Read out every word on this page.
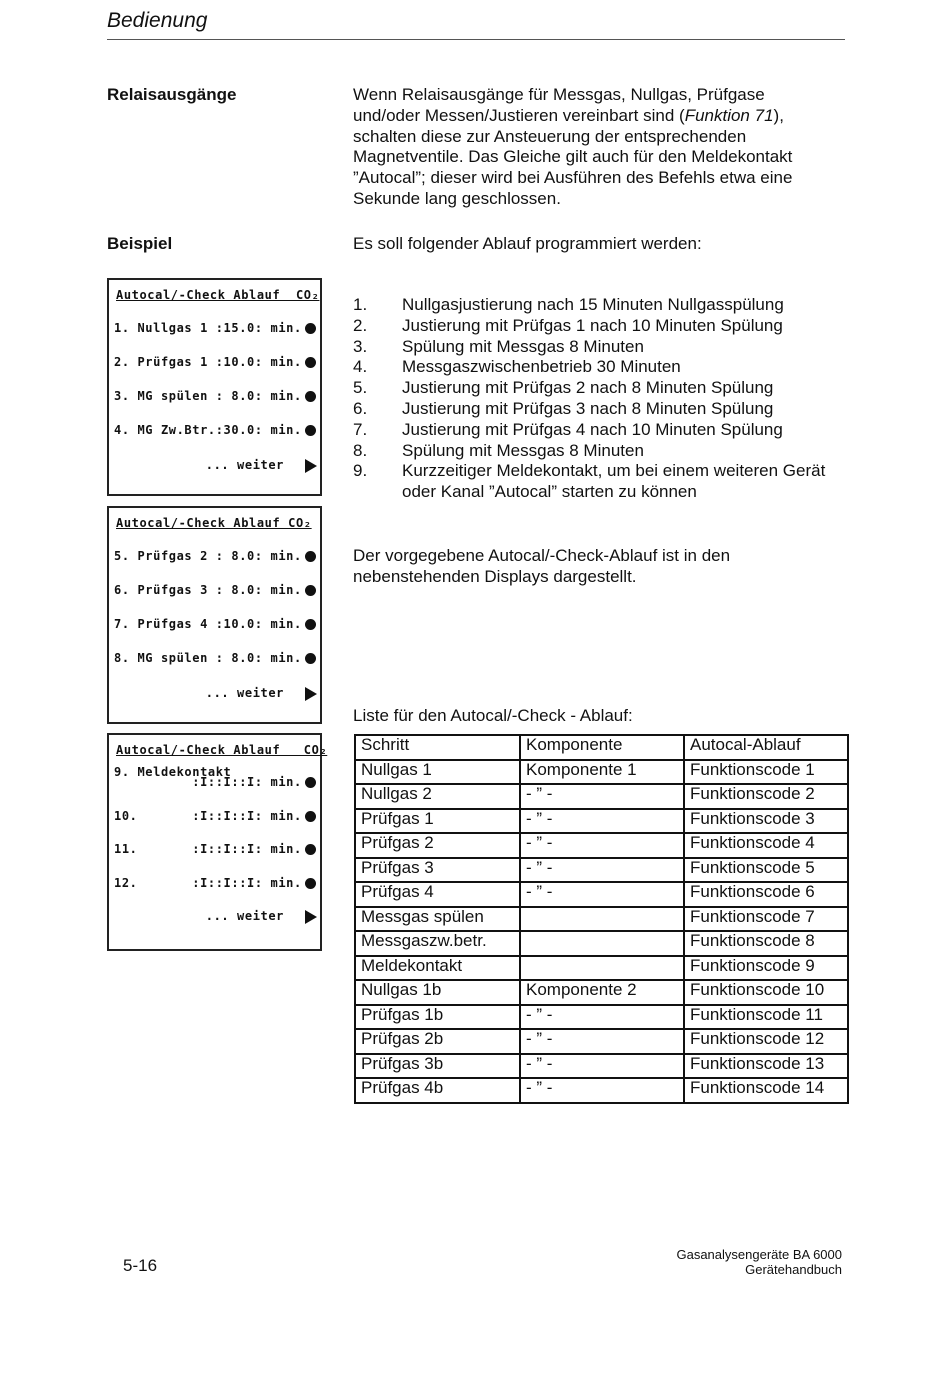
Bedienung
Relaisausgänge	Wenn Relaisausgänge für Messgas, Nullgas, Prüfgase und/oder Messen/Justieren vereinbart sind (Funktion 71), schalten diese zur Ansteuerung der entsprechenden Magnetventile. Das Gleiche gilt auch für den Meldekontakt ”Autocal”; dieser wird bei Ausführen des Befehls etwa eine Sekunde lang geschlossen.
Beispiel	Es soll folgender Ablauf programmiert werden:
Autocal/-Check Ablauf  CO₂
1. Nullgas 1 :15.0: min.
2. Prüfgas 1 :10.0: min.
3. MG spülen : 8.0: min.
4. MG Zw.Btr.:30.0: min.
... weiter
Autocal/-Check Ablauf CO₂
5. Prüfgas 2 : 8.0: min.
6. Prüfgas 3 : 8.0: min.
7. Prüfgas 4 :10.0: min.
8. MG spülen : 8.0: min.
... weiter
Autocal/-Check Ablauf   CO₂
9. Meldekontakt
:I::I::I: min.
10.       :I::I::I: min.
11.       :I::I::I: min.
12.       :I::I::I: min.
... weiter
1. Nullgasjustierung nach 15 Minuten Nullgasspülung
2. Justierung mit Prüfgas 1 nach 10 Minuten Spülung
3. Spülung mit Messgas 8 Minuten
4. Messgaszwischenbetrieb 30 Minuten
5. Justierung mit Prüfgas 2 nach 8 Minuten Spülung
6. Justierung mit Prüfgas 3 nach 8 Minuten Spülung
7. Justierung mit Prüfgas 4 nach 10 Minuten Spülung
8. Spülung mit Messgas 8 Minuten
9. Kurzzeitiger Meldekontakt, um bei einem weiteren Gerät oder Kanal ”Autocal” starten zu können
Der vorgegebene Autocal/-Check-Ablauf ist in den nebenstehenden Displays dargestellt.
Liste für den Autocal/-Check - Ablauf:
Schritt	Komponente	Autocal-Ablauf
Nullgas 1	Komponente 1	Funktionscode 1
Nullgas 2	- ” -	Funktionscode 2
Prüfgas 1	- ” -	Funktionscode 3
Prüfgas 2	- ” -	Funktionscode 4
Prüfgas 3	- ” -	Funktionscode 5
Prüfgas 4	- ” -	Funktionscode 6
Messgas spülen		Funktionscode 7
Messgaszw.betr.		Funktionscode 8
Meldekontakt		Funktionscode 9
Nullgas 1b	Komponente 2	Funktionscode 10
Prüfgas 1b	- ” -	Funktionscode 11
Prüfgas 2b	- ” -	Funktionscode 12
Prüfgas 3b	- ” -	Funktionscode 13
Prüfgas 4b	- ” -	Funktionscode 14
5-16
Gasanalysengeräte BA 6000
Gerätehandbuch
